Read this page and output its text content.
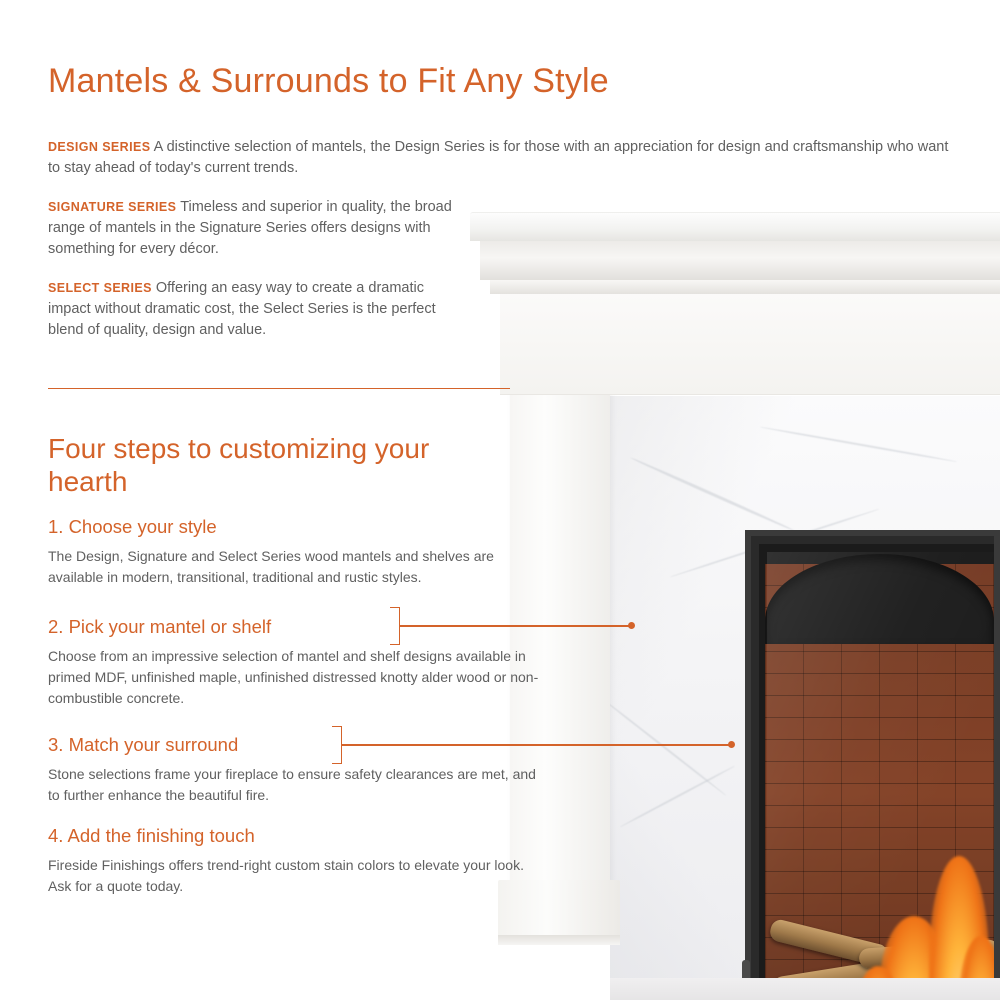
Mantels & Surrounds to Fit Any Style

DESIGN SERIES A distinctive selection of mantels, the Design Series is for those with an appreciation for design and craftsmanship who want to stay ahead of today's current trends.

SIGNATURE SERIES Timeless and superior in quality, the broad range of mantels in the Signature Series offers designs with something for every décor.

SELECT SERIES Offering an easy way to create a dramatic impact without dramatic cost, the Select Series is the perfect blend of quality, design and value.

Four steps to customizing your hearth

1. Choose your style

The Design, Signature and Select Series wood mantels and shelves are available in modern, transitional, traditional and rustic styles.

2. Pick your mantel or shelf

Choose from an impressive selection of mantel and shelf designs available in primed MDF, unfinished maple, unfinished distressed knotty alder wood or non-combustible concrete.

3. Match your surround

Stone selections frame your fireplace to ensure safety clearances are met, and to further enhance the beautiful fire.

4. Add the finishing touch

Fireside Finishings offers trend-right custom stain colors to elevate your look. Ask for a quote today.
